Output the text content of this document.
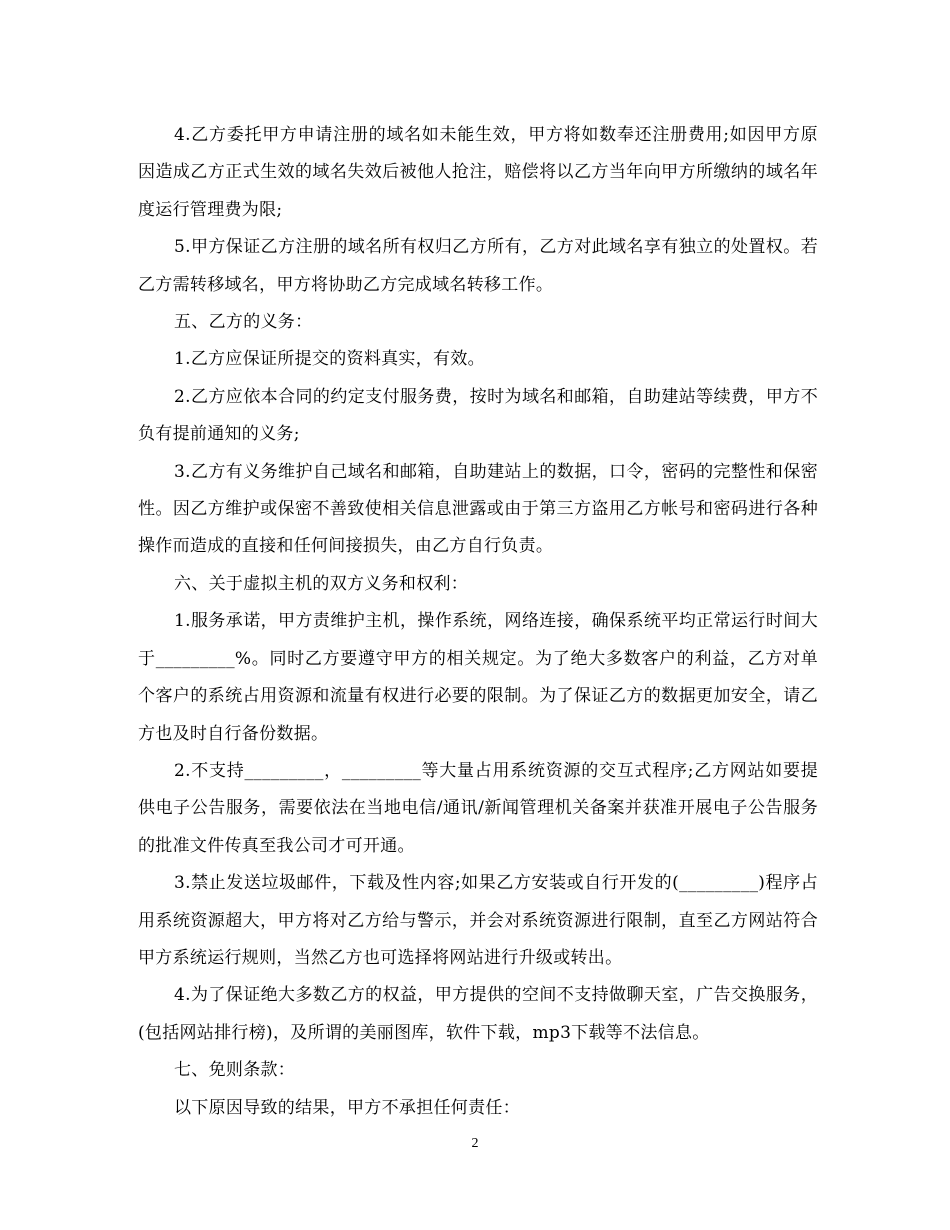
4.乙方委托甲方申请注册的域名如未能生效，甲方将如数奉还注册费用;如因甲方原因造成乙方正式生效的域名失效后被他人抢注，赔偿将以乙方当年向甲方所缴纳的域名年度运行管理费为限;

5.甲方保证乙方注册的域名所有权归乙方所有，乙方对此域名享有独立的处置权。若乙方需转移域名，甲方将协助乙方完成域名转移工作。

五、乙方的义务：

1.乙方应保证所提交的资料真实，有效。

2.乙方应依本合同的约定支付服务费，按时为域名和邮箱，自助建站等续费，甲方不负有提前通知的义务;

3.乙方有义务维护自己域名和邮箱，自助建站上的数据，口令，密码的完整性和保密性。因乙方维护或保密不善致使相关信息泄露或由于第三方盗用乙方帐号和密码进行各种操作而造成的直接和任何间接损失，由乙方自行负责。

六、关于虚拟主机的双方义务和权利：

1.服务承诺，甲方责维护主机，操作系统，网络连接，确保系统平均正常运行时间大于_________%。同时乙方要遵守甲方的相关规定。为了绝大多数客户的利益，乙方对单个客户的系统占用资源和流量有权进行必要的限制。为了保证乙方的数据更加安全，请乙方也及时自行备份数据。

2.不支持_________，_________等大量占用系统资源的交互式程序;乙方网站如要提供电子公告服务，需要依法在当地电信/通讯/新闻管理机关备案并获准开展电子公告服务的批准文件传真至我公司才可开通。

3.禁止发送垃圾邮件，下载及性内容;如果乙方安装或自行开发的(_________)程序占用系统资源超大，甲方将对乙方给与警示，并会对系统资源进行限制，直至乙方网站符合甲方系统运行规则，当然乙方也可选择将网站进行升级或转出。

4.为了保证绝大多数乙方的权益，甲方提供的空间不支持做聊天室，广告交换服务，(包括网站排行榜)，及所谓的美丽图库，软件下载，mp3下载等不法信息。

七、免则条款：

以下原因导致的结果，甲方不承担任何责任：

2
